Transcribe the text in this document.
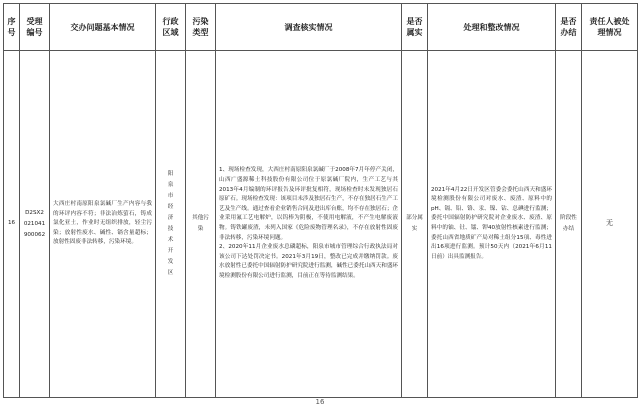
序号	受理编号	交办问题基本情况	行政区域	污染类型	调查核实情况	是否属实	处理和整改情况	是否办结	责任人被处理情况
16	D2SX2021041900062	大西庄村南原阳泉氯碱厂生产内容与我的环评内容不符；非法冶炼萤石，铸成氯化亚土，作业时无组织排放，轻尘污染；放射性废水、碱性、镉含量超标；放射性固废非法转移，污染环境。	阳泉市经济技术开发区	其他污染	1、现场检查发现，大西庄村南原阳泉氯碱厂于2008年7月年停产关闭，山西广盛源稀土科技股份有限公司位于原氯碱厂院内，生产工艺与其2013年4月编制的环评报告及环评批复相符，现场检查时未发现独居石原矿石。现场检查发现：该项目未涉及独居石生产，不存在独居石生产工艺及生产线。通过查看企业销售合同及进出库台账，均不存在独居石；企业采用氟工艺电解炉，以钨棒为阴极，不使用电解液，不产生电解废液物。铸铁罐废渣，未列入国家《危险废物管理名录》，不存在放射性固废非法转移，污染环境问题。
2、2020年11月企业废水总磷超标，阳泉市城市管理综合行政执法局对该公司下达处罚决定书。2021年3月19日，整改已完成并缴纳罚款。废水放射性已委托中国辐射防护研究院进行监测，碱性已委托山西天和盛环境检测股份有限公司进行监测，目前正在等待监测结果。	部分属实	2021年4月22日开发区管委会委托山西天和盛环境检测股份有限公司对废水、废渣、原料中的pH、镉、铅、铬、汞、镍、钴、总碘进行监测；委托中国辐射防护研究院对企业废水、废渣、原料中的铀、钍、镭、钾40放射性核素进行监测；委托山西省地质矿产局对稀土组分15项、毒性进出16项进行监测。预计50天内（2021年6月11日前）出具监测报告。	阶段性办结	无
16
